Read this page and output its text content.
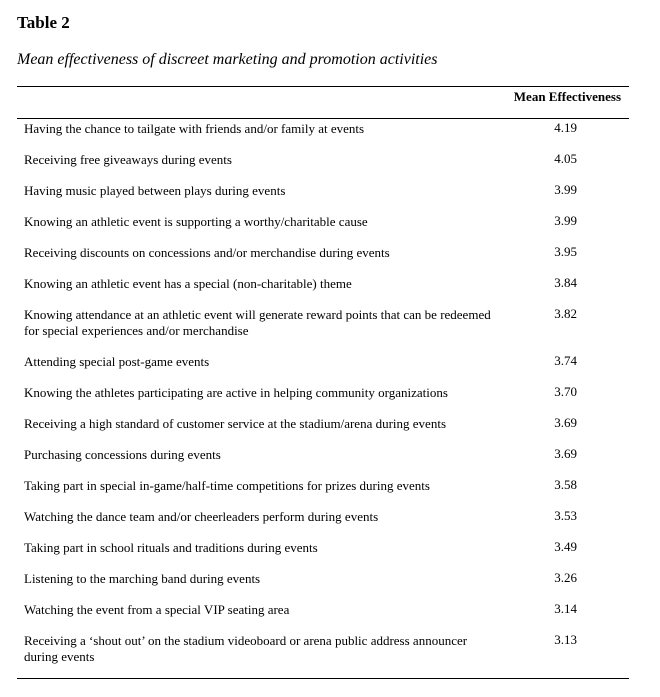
Table 2
Mean effectiveness of discreet marketing and promotion activities
	Mean Effectiveness
Having the chance to tailgate with friends and/or family at events	4.19
Receiving free giveaways during events	4.05
Having music played between plays during events	3.99
Knowing an athletic event is supporting a worthy/charitable cause	3.99
Receiving discounts on concessions and/or merchandise during events	3.95
Knowing an athletic event has a special (non-charitable) theme	3.84
Knowing attendance at an athletic event will generate reward points that can be redeemed for special experiences and/or merchandise	3.82
Attending special post-game events	3.74
Knowing the athletes participating are active in helping community organizations	3.70
Receiving a high standard of customer service at the stadium/arena during events	3.69
Purchasing concessions during events	3.69
Taking part in special in-game/half-time competitions for prizes during events	3.58
Watching the dance team and/or cheerleaders perform during events	3.53
Taking part in school rituals and traditions during events	3.49
Listening to the marching band during events	3.26
Watching the event from a special VIP seating area	3.14
Receiving a ‘shout out’ on the stadium videoboard or arena public address announcer during events	3.13
